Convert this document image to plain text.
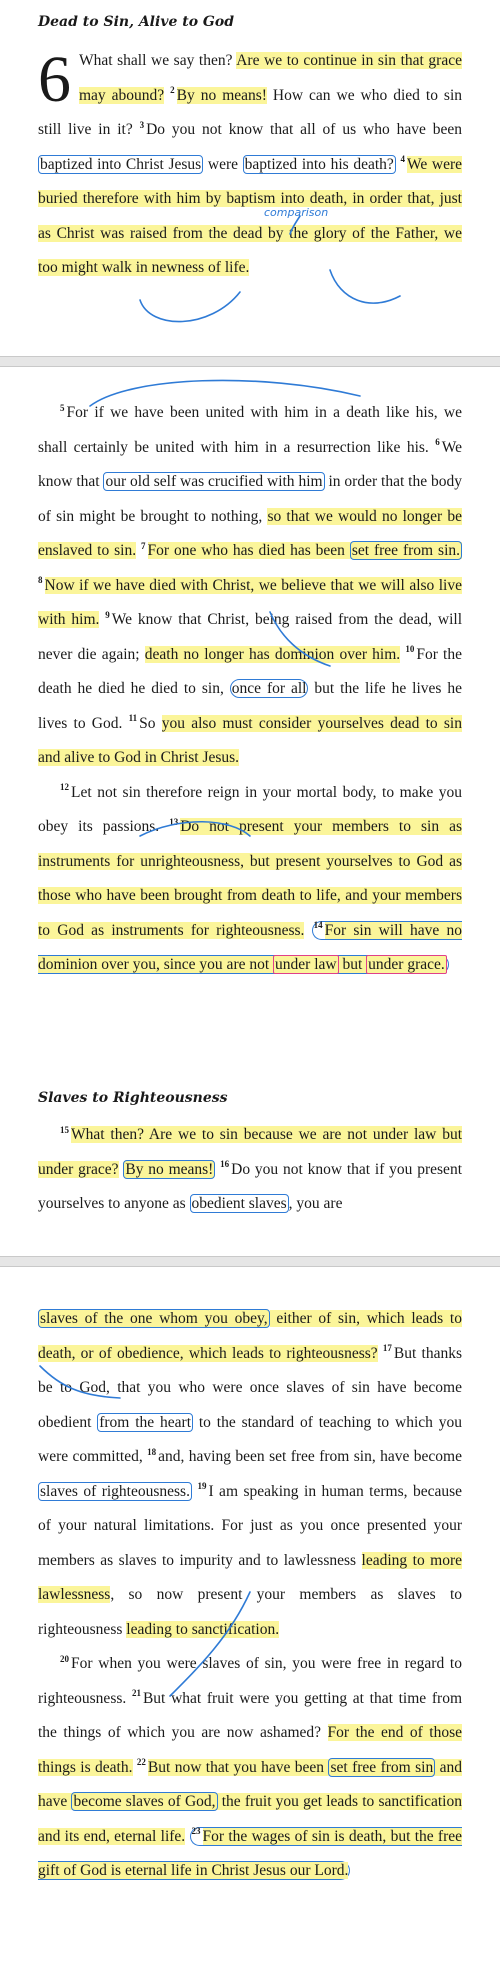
Dead to Sin, Alive to God

6 What shall we say then? Are we to continue in sin that grace may abound? $^2$ By no means! How can we who died to sin still live in it? $^3$ Do you not know that all of us who have been baptized into Christ Jesus were baptized into his death? $^4$ We were buried therefore with him by baptism into death, in order that, just as Christ was raised from the dead by the glory of the Father, we too might walk in newness of life.

comparison

$^5$ For if we have been united with him in a death like his, we shall certainly be united with him in a resurrection like his. $^6$ We know that our old self was crucified with him in order that the body of sin might be brought to nothing, so that we would no longer be enslaved to sin. $^7$ For one who has died has been set free from sin. $^8$ Now if we have died with Christ, we believe that we will also live with him. $^9$ We know that Christ, being raised from the dead, will never die again; death no longer has dominion over him. $^{10}$ For the death he died he died to sin, once for all but the life he lives he lives to God. $^{11}$ So you also must consider yourselves dead to sin and alive to God in Christ Jesus.

$^{12}$ Let not sin therefore reign in your mortal body, to make you obey its passions. $^{13}$ Do not present your members to sin as instruments for unrighteousness, but present yourselves to God as those who have been brought from death to life, and your members to God as instruments for righteousness. $^{14}$ For sin will have no dominion over you, since you are not under law but under grace.

Slaves to Righteousness

$^{15}$ What then? Are we to sin because we are not under law but under grace? By no means! $^{16}$ Do you not know that if you present yourselves to anyone as obedient slaves , you are

slaves of the one whom you obey, either of sin, which leads to death, or of obedience, which leads to righteousness? $^{17}$ But thanks be to God, that you who were once slaves of sin have become obedient from the heart to the standard of teaching to which you were committed, $^{18}$ and, having been set free from sin, have become slaves of righteousness. $^{19}$ I am speaking in human terms, because of your natural limitations. For just as you once presented your members as slaves to impurity and to lawlessness leading to more lawlessness, so now present your members as slaves to righteousness leading to sanctification.

$^{20}$ For when you were slaves of sin, you were free in regard to righteousness. $^{21}$ But what fruit were you getting at that time from the things of which you are now ashamed? For the end of those things is death. $^{22}$ But now that you have been set free from sin and have become slaves of God, the fruit you get leads to sanctification and its end, eternal life. $^{23}$ For the wages of sin is death, but the free gift of God is eternal life in Christ Jesus our Lord.
